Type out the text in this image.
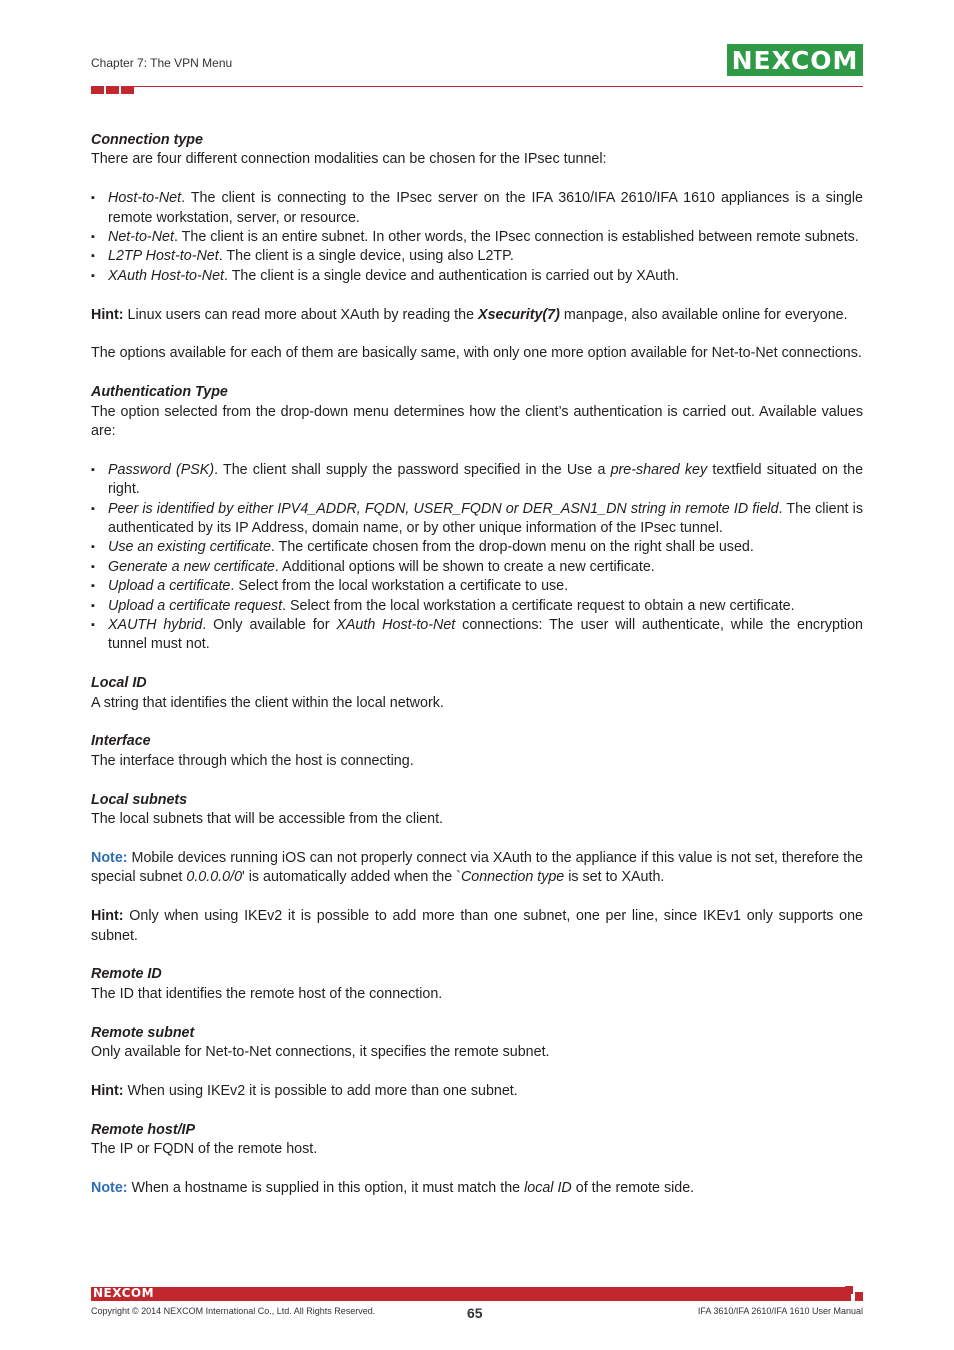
Chapter 7: The VPN Menu	NEXCOM

Connection type

There are four different connection modalities can be chosen for the IPsec tunnel:

▪ Host-to-Net. The client is connecting to the IPsec server on the IFA 3610/IFA 2610/IFA 1610 appliances is a single remote workstation, server, or resource.
▪ Net-to-Net. The client is an entire subnet. In other words, the IPsec connection is established between remote subnets.
▪ L2TP Host-to-Net. The client is a single device, using also L2TP.
▪ XAuth Host-to-Net. The client is a single device and authentication is carried out by XAuth.

Hint: Linux users can read more about XAuth by reading the Xsecurity(7) manpage, also available online for everyone.

The options available for each of them are basically same, with only one more option available for Net-to-Net connections.

Authentication Type

The option selected from the drop-down menu determines how the client’s authentication is carried out. Available values are:

▪ Password (PSK). The client shall supply the password specified in the Use a pre-shared key textfield situated on the right.
▪ Peer is identified by either IPV4_ADDR, FQDN, USER_FQDN or DER_ASN1_DN string in remote ID field. The client is authenticated by its IP Address, domain name, or by other unique information of the IPsec tunnel.
▪ Use an existing certificate. The certificate chosen from the drop-down menu on the right shall be used.
▪ Generate a new certificate. Additional options will be shown to create a new certificate.
▪ Upload a certificate. Select from the local workstation a certificate to use.
▪ Upload a certificate request. Select from the local workstation a certificate request to obtain a new certificate.
▪ XAUTH hybrid. Only available for XAuth Host-to-Net connections: The user will authenticate, while the encryption tunnel must not.

Local ID

A string that identifies the client within the local network.

Interface

The interface through which the host is connecting.

Local subnets

The local subnets that will be accessible from the client.

Note: Mobile devices running iOS can not properly connect via XAuth to the appliance if this value is not set, therefore the special subnet 0.0.0.0/0' is automatically added when the `Connection type is set to XAuth.

Hint: Only when using IKEv2 it is possible to add more than one subnet, one per line, since IKEv1 only supports one subnet.

Remote ID

The ID that identifies the remote host of the connection.

Remote subnet

Only available for Net-to-Net connections, it specifies the remote subnet.

Hint: When using IKEv2 it is possible to add more than one subnet.

Remote host/IP

The IP or FQDN of the remote host.

Note: When a hostname is supplied in this option, it must match the local ID of the remote side.

NEXCOM
Copyright © 2014 NEXCOM International Co., Ltd. All Rights Reserved.	65	IFA 3610/IFA 2610/IFA 1610 User Manual
